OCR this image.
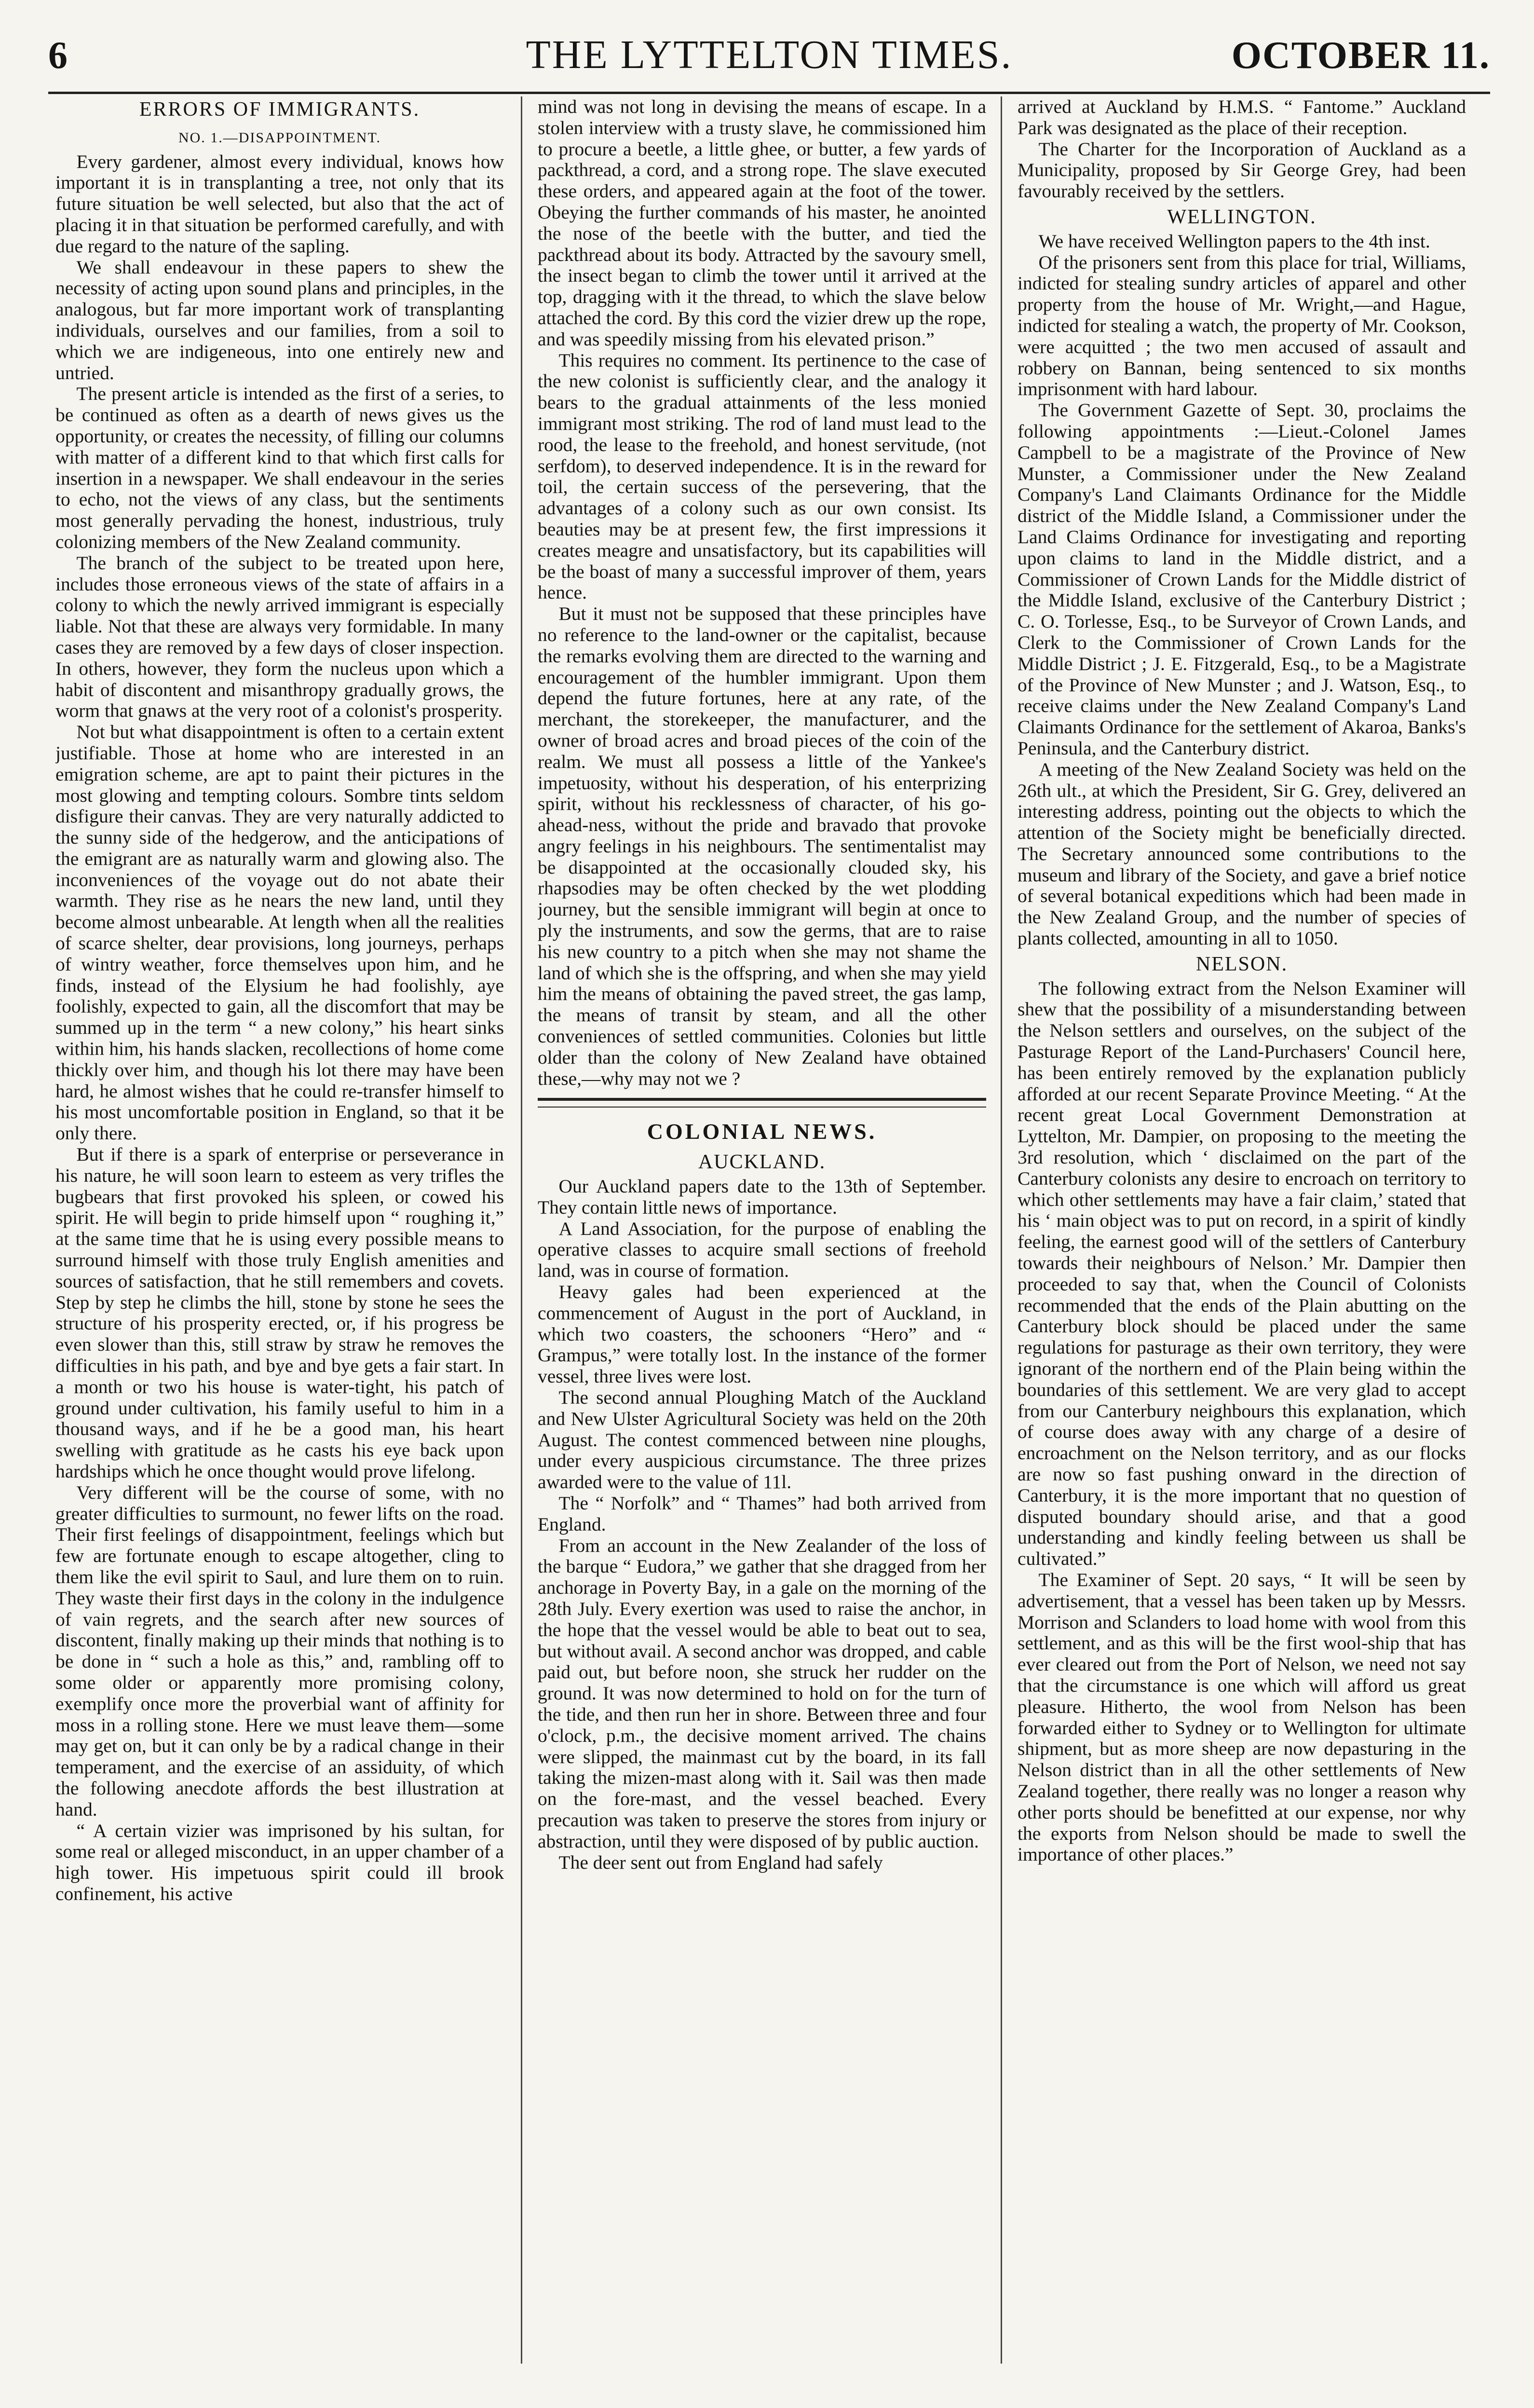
6	THE LYTTELTON TIMES.	OCTOBER 11.
ERRORS OF IMMIGRANTS.
NO. 1.—DISAPPOINTMENT.

Every gardener, almost every individual, knows how important it is in transplanting a tree, not only that its future situation be well selected, but also that the act of placing it in that situation be performed carefully, and with due regard to the nature of the sapling.

We shall endeavour in these papers to shew the necessity of acting upon sound plans and principles, in the analogous, but far more important work of transplanting individuals, ourselves and our families, from a soil to which we are indigeneous, into one entirely new and untried.

The present article is intended as the first of a series, to be continued as often as a dearth of news gives us the opportunity, or creates the necessity, of filling our columns with matter of a different kind to that which first calls for insertion in a newspaper. We shall endeavour in the series to echo, not the views of any class, but the sentiments most generally pervading the honest, industrious, truly colonizing members of the New Zealand community.

The branch of the subject to be treated upon here, includes those erroneous views of the state of affairs in a colony to which the newly arrived immigrant is especially liable. Not that these are always very formidable. In many cases they are removed by a few days of closer inspection. In others, however, they form the nucleus upon which a habit of discontent and misanthropy gradually grows, the worm that gnaws at the very root of a colonist's prosperity.

Not but what disappointment is often to a certain extent justifiable. Those at home who are interested in an emigration scheme, are apt to paint their pictures in the most glowing and tempting colours. Sombre tints seldom disfigure their canvas. They are very naturally addicted to the sunny side of the hedgerow, and the anticipations of the emigrant are as naturally warm and glowing also. The inconveniences of the voyage out do not abate their warmth. They rise as he nears the new land, until they become almost unbearable. At length when all the realities of scarce shelter, dear provisions, long journeys, perhaps of wintry weather, force themselves upon him, and he finds, instead of the Elysium he had foolishly, aye foolishly, expected to gain, all the discomfort that may be summed up in the term “ a new colony,” his heart sinks within him, his hands slacken, recollections of home come thickly over him, and though his lot there may have been hard, he almost wishes that he could re-transfer himself to his most uncomfortable position in England, so that it be only there.

But if there is a spark of enterprise or perseverance in his nature, he will soon learn to esteem as very trifles the bugbears that first provoked his spleen, or cowed his spirit. He will begin to pride himself upon “ roughing it,” at the same time that he is using every possible means to surround himself with those truly English amenities and sources of satisfaction, that he still remembers and covets. Step by step he climbs the hill, stone by stone he sees the structure of his prosperity erected, or, if his progress be even slower than this, still straw by straw he removes the difficulties in his path, and bye and bye gets a fair start. In a month or two his house is water-tight, his patch of ground under cultivation, his family useful to him in a thousand ways, and if he be a good man, his heart swelling with gratitude as he casts his eye back upon hardships which he once thought would prove lifelong.

Very different will be the course of some, with no greater difficulties to surmount, no fewer lifts on the road. Their first feelings of disappointment, feelings which but few are fortunate enough to escape altogether, cling to them like the evil spirit to Saul, and lure them on to ruin. They waste their first days in the colony in the indulgence of vain regrets, and the search after new sources of discontent, finally making up their minds that nothing is to be done in “ such a hole as this,” and, rambling off to some older or apparently more promising colony, exemplify once more the proverbial want of affinity for moss in a rolling stone. Here we must leave them—some may get on, but it can only be by a radical change in their temperament, and the exercise of an assiduity, of which the following anecdote affords the best illustration at hand.

“ A certain vizier was imprisoned by his sultan, for some real or alleged misconduct, in an upper chamber of a high tower. His impetuous spirit could ill brook confinement, his active

mind was not long in devising the means of escape. In a stolen interview with a trusty slave, he commissioned him to procure a beetle, a little ghee, or butter, a few yards of packthread, a cord, and a strong rope. The slave executed these orders, and appeared again at the foot of the tower. Obeying the further commands of his master, he anointed the nose of the beetle with the butter, and tied the packthread about its body. Attracted by the savoury smell, the insect began to climb the tower until it arrived at the top, dragging with it the thread, to which the slave below attached the cord. By this cord the vizier drew up the rope, and was speedily missing from his elevated prison.”

This requires no comment. Its pertinence to the case of the new colonist is sufficiently clear, and the analogy it bears to the gradual attainments of the less monied immigrant most striking. The rod of land must lead to the rood, the lease to the freehold, and honest servitude, (not serfdom), to deserved independence. It is in the reward for toil, the certain success of the persevering, that the advantages of a colony such as our own consist. Its beauties may be at present few, the first impressions it creates meagre and unsatisfactory, but its capabilities will be the boast of many a successful improver of them, years hence.

But it must not be supposed that these principles have no reference to the land-owner or the capitalist, because the remarks evolving them are directed to the warning and encouragement of the humbler immigrant. Upon them depend the future fortunes, here at any rate, of the merchant, the storekeeper, the manufacturer, and the owner of broad acres and broad pieces of the coin of the realm. We must all possess a little of the Yankee's impetuosity, without his desperation, of his enterprizing spirit, without his recklessness of character, of his go-ahead-ness, without the pride and bravado that provoke angry feelings in his neighbours. The sentimentalist may be disappointed at the occasionally clouded sky, his rhapsodies may be often checked by the wet plodding journey, but the sensible immigrant will begin at once to ply the instruments, and sow the germs, that are to raise his new country to a pitch when she may not shame the land of which she is the offspring, and when she may yield him the means of obtaining the paved street, the gas lamp, the means of transit by steam, and all the other conveniences of settled communities. Colonies but little older than the colony of New Zealand have obtained these,—why may not we ?

COLONIAL NEWS.
AUCKLAND.

Our Auckland papers date to the 13th of September. They contain little news of importance.

A Land Association, for the purpose of enabling the operative classes to acquire small sections of freehold land, was in course of formation.

Heavy gales had been experienced at the commencement of August in the port of Auckland, in which two coasters, the schooners “Hero” and “ Grampus,” were totally lost. In the instance of the former vessel, three lives were lost.

The second annual Ploughing Match of the Auckland and New Ulster Agricultural Society was held on the 20th August. The contest commenced between nine ploughs, under every auspicious circumstance. The three prizes awarded were to the value of 11l.

The “ Norfolk” and “ Thames” had both arrived from England.

From an account in the New Zealander of the loss of the barque “ Eudora,” we gather that she dragged from her anchorage in Poverty Bay, in a gale on the morning of the 28th July. Every exertion was used to raise the anchor, in the hope that the vessel would be able to beat out to sea, but without avail. A second anchor was dropped, and cable paid out, but before noon, she struck her rudder on the ground. It was now determined to hold on for the turn of the tide, and then run her in shore. Between three and four o'clock, p.m., the decisive moment arrived. The chains were slipped, the mainmast cut by the board, in its fall taking the mizen-mast along with it. Sail was then made on the fore-mast, and the vessel beached. Every precaution was taken to preserve the stores from injury or abstraction, until they were disposed of by public auction.

The deer sent out from England had safely

arrived at Auckland by H.M.S. “ Fantome.” Auckland Park was designated as the place of their reception.

The Charter for the Incorporation of Auckland as a Municipality, proposed by Sir George Grey, had been favourably received by the settlers.

WELLINGTON.

We have received Wellington papers to the 4th inst.

Of the prisoners sent from this place for trial, Williams, indicted for stealing sundry articles of apparel and other property from the house of Mr. Wright,—and Hague, indicted for stealing a watch, the property of Mr. Cookson, were acquitted ; the two men accused of assault and robbery on Bannan, being sentenced to six months imprisonment with hard labour.

The Government Gazette of Sept. 30, proclaims the following appointments :—Lieut.-Colonel James Campbell to be a magistrate of the Province of New Munster, a Commissioner under the New Zealand Company's Land Claimants Ordinance for the Middle district of the Middle Island, a Commissioner under the Land Claims Ordinance for investigating and reporting upon claims to land in the Middle district, and a Commissioner of Crown Lands for the Middle district of the Middle Island, exclusive of the Canterbury District ; C. O. Torlesse, Esq., to be Surveyor of Crown Lands, and Clerk to the Commissioner of Crown Lands for the Middle District ; J. E. Fitzgerald, Esq., to be a Magistrate of the Province of New Munster ; and J. Watson, Esq., to receive claims under the New Zealand Company's Land Claimants Ordinance for the settlement of Akaroa, Banks's Peninsula, and the Canterbury district.

A meeting of the New Zealand Society was held on the 26th ult., at which the President, Sir G. Grey, delivered an interesting address, pointing out the objects to which the attention of the Society might be beneficially directed. The Secretary announced some contributions to the museum and library of the Society, and gave a brief notice of several botanical expeditions which had been made in the New Zealand Group, and the number of species of plants collected, amounting in all to 1050.

NELSON.

The following extract from the Nelson Examiner will shew that the possibility of a misunderstanding between the Nelson settlers and ourselves, on the subject of the Pasturage Report of the Land-Purchasers' Council here, has been entirely removed by the explanation publicly afforded at our recent Separate Province Meeting. “ At the recent great Local Government Demonstration at Lyttelton, Mr. Dampier, on proposing to the meeting the 3rd resolution, which ‘ disclaimed on the part of the Canterbury colonists any desire to encroach on territory to which other settlements may have a fair claim,’ stated that his ‘ main object was to put on record, in a spirit of kindly feeling, the earnest good will of the settlers of Canterbury towards their neighbours of Nelson.’ Mr. Dampier then proceeded to say that, when the Council of Colonists recommended that the ends of the Plain abutting on the Canterbury block should be placed under the same regulations for pasturage as their own territory, they were ignorant of the northern end of the Plain being within the boundaries of this settlement. We are very glad to accept from our Canterbury neighbours this explanation, which of course does away with any charge of a desire of encroachment on the Nelson territory, and as our flocks are now so fast pushing onward in the direction of Canterbury, it is the more important that no question of disputed boundary should arise, and that a good understanding and kindly feeling between us shall be cultivated.”

The Examiner of Sept. 20 says, “ It will be seen by advertisement, that a vessel has been taken up by Messrs. Morrison and Sclanders to load home with wool from this settlement, and as this will be the first wool-ship that has ever cleared out from the Port of Nelson, we need not say that the circumstance is one which will afford us great pleasure. Hitherto, the wool from Nelson has been forwarded either to Sydney or to Wellington for ultimate shipment, but as more sheep are now depasturing in the Nelson district than in all the other settlements of New Zealand together, there really was no longer a reason why other ports should be benefitted at our expense, nor why the exports from Nelson should be made to swell the importance of other places.”
